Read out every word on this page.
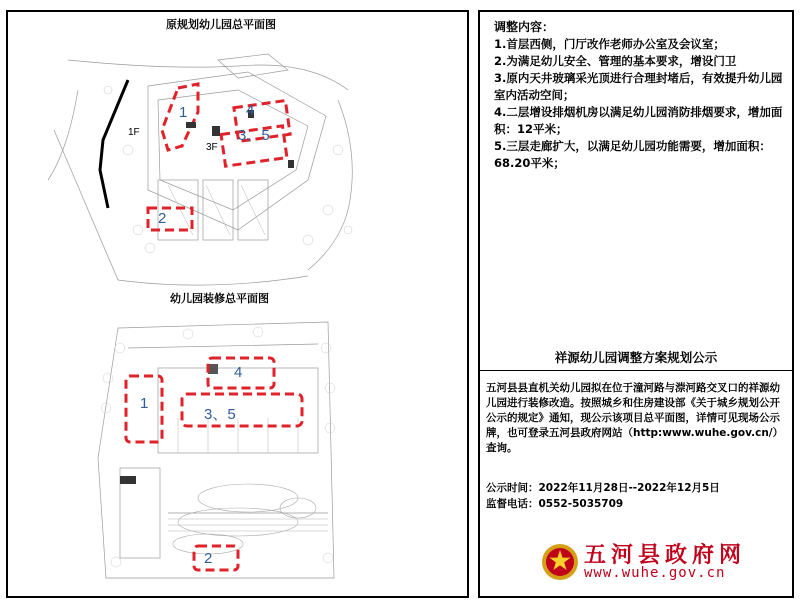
原规划幼儿园总平面图
1	4
3、5
2
1F
3F
幼儿园装修总平面图
1
4
3、5
2
调整内容：
1.首层西侧，门厅改作老师办公室及会议室；
2.为满足幼儿安全、管理的基本要求，增设门卫
3.原内天井玻璃采光顶进行合理封堵后，有效提升幼儿园室内活动空间；
4.二层增设排烟机房以满足幼儿园消防排烟要求，增加面积：12平米；
5.三层走廊扩大，以满足幼儿园功能需要，增加面积：68.20平米；
祥源幼儿园调整方案规划公示
五河县县直机关幼儿园拟在位于潼河路与漴河路交叉口的祥源幼儿园进行装修改造。按照城乡和住房建设部《关于城乡规划公开公示的规定》通知，现公示该项目总平面图，详情可见现场公示牌，也可登录五河县政府网站（http:www.wuhe.gov.cn/）查询。
公示时间：2022年11月28日--2022年12月5日
监督电话：0552-5035709
五河县政府网
www.wuhe.gov.cn
